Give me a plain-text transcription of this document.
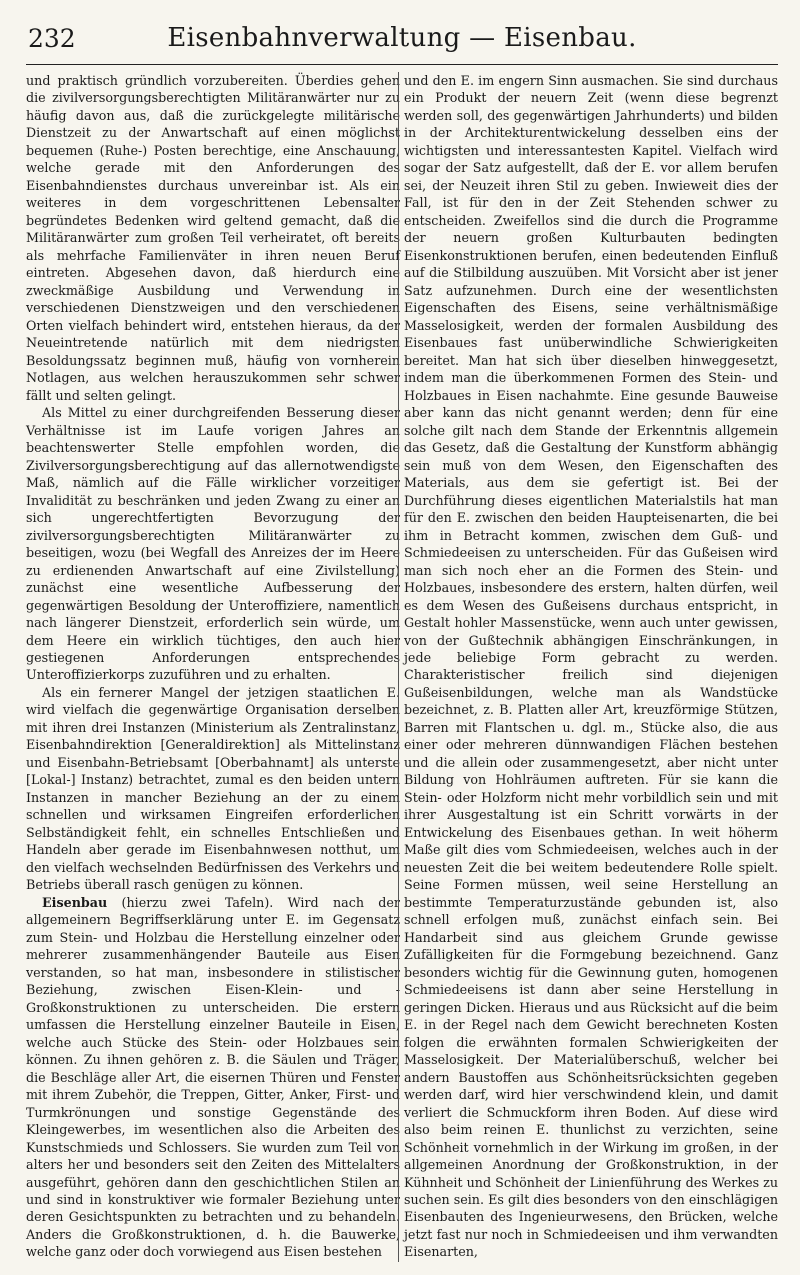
232	Eisenbahnverwaltung — Eisenbau.

und praktisch gründlich vorzubereiten. Überdies gehen die zivilversorgungsberechtigten Militäranwärter nur zu häufig davon aus, daß die zurückgelegte militärische Dienstzeit zu der Anwartschaft auf einen möglichst bequemen (Ruhe-) Posten berechtige, eine Anschauung, welche gerade mit den Anforderungen des Eisenbahndienstes durchaus unvereinbar ist. Als ein weiteres in dem vorgeschrittenen Lebensalter begründetes Bedenken wird geltend gemacht, daß die Militäranwärter zum großen Teil verheiratet, oft bereits als mehrfache Familienväter in ihren neuen Beruf eintreten. Abgesehen davon, daß hierdurch eine zweckmäßige Ausbildung und Verwendung in verschiedenen Dienstzweigen und den verschiedenen Orten vielfach behindert wird, entstehen hieraus, da der Neueintretende natürlich mit dem niedrigsten Besoldungssatz beginnen muß, häufig von vornherein Notlagen, aus welchen herauszukommen sehr schwer fällt und selten gelingt.

Als Mittel zu einer durchgreifenden Besserung dieser Verhältnisse ist im Laufe vorigen Jahres an beachtenswerter Stelle empfohlen worden, die Zivilversorgungsberechtigung auf das allernotwendigste Maß, nämlich auf die Fälle wirklicher vorzeitiger Invalidität zu beschränken und jeden Zwang zu einer an sich ungerechtfertigten Bevorzugung der zivilversorgungsberechtigten Militäranwärter zu beseitigen, wozu (bei Wegfall des Anreizes der im Heere zu erdienenden Anwartschaft auf eine Zivilstellung) zunächst eine wesentliche Aufbesserung der gegenwärtigen Besoldung der Unteroffiziere, namentlich nach längerer Dienstzeit, erforderlich sein würde, um dem Heere ein wirklich tüchtiges, den auch hier gestiegenen Anforderungen entsprechendes Unteroffizierkorps zuzuführen und zu erhalten.

Als ein fernerer Mangel der jetzigen staatlichen E. wird vielfach die gegenwärtige Organisation derselben mit ihren drei Instanzen (Ministerium als Zentralinstanz, Eisenbahndirektion [Generaldirektion] als Mittelinstanz und Eisenbahn-Betriebsamt [Oberbahnamt] als unterste [Lokal-] Instanz) betrachtet, zumal es den beiden untern Instanzen in mancher Beziehung an der zu einem schnellen und wirksamen Eingreifen erforderlichen Selbständigkeit fehlt, ein schnelles Entschließen und Handeln aber gerade im Eisenbahnwesen notthut, um den vielfach wechselnden Bedürfnissen des Verkehrs und Betriebs überall rasch genügen zu können.

Eisenbau (hierzu zwei Tafeln). Wird nach der allgemeinern Begriffserklärung unter E. im Gegensatz zum Stein- und Holzbau die Herstellung einzelner oder mehrerer zusammenhängender Bauteile aus Eisen verstanden, so hat man, insbesondere in stilistischer Beziehung, zwischen Eisen-Klein- und -Großkonstruktionen zu unterscheiden. Die erstern umfassen die Herstellung einzelner Bauteile in Eisen, welche auch Stücke des Stein- oder Holzbaues sein können. Zu ihnen gehören z. B. die Säulen und Träger, die Beschläge aller Art, die eisernen Thüren und Fenster mit ihrem Zubehör, die Treppen, Gitter, Anker, First- und Turmkrönungen und sonstige Gegenstände des Kleingewerbes, im wesentlichen also die Arbeiten des Kunstschmieds und Schlossers. Sie wurden zum Teil von alters her und besonders seit den Zeiten des Mittelalters ausgeführt, gehören dann den geschichtlichen Stilen an und sind in konstruktiver wie formaler Beziehung unter deren Gesichtspunkten zu betrachten und zu behandeln. Anders die Großkonstruktionen, d. h. die Bauwerke, welche ganz oder doch vorwiegend aus Eisen bestehen

und den E. im engern Sinn ausmachen. Sie sind durchaus ein Produkt der neuern Zeit (wenn diese begrenzt werden soll, des gegenwärtigen Jahrhunderts) und bilden in der Architekturentwickelung desselben eins der wichtigsten und interessantesten Kapitel. Vielfach wird sogar der Satz aufgestellt, daß der E. vor allem berufen sei, der Neuzeit ihren Stil zu geben. Inwieweit dies der Fall, ist für den in der Zeit Stehenden schwer zu entscheiden. Zweifellos sind die durch die Programme der neuern großen Kulturbauten bedingten Eisenkonstruktionen berufen, einen bedeutenden Einfluß auf die Stilbildung auszuüben. Mit Vorsicht aber ist jener Satz aufzunehmen. Durch eine der wesentlichsten Eigenschaften des Eisens, seine verhältnismäßige Masselosigkeit, werden der formalen Ausbildung des Eisenbaues fast unüberwindliche Schwierigkeiten bereitet. Man hat sich über dieselben hinweggesetzt, indem man die überkommenen Formen des Stein- und Holzbaues in Eisen nachahmte. Eine gesunde Bauweise aber kann das nicht genannt werden; denn für eine solche gilt nach dem Stande der Erkenntnis allgemein das Gesetz, daß die Gestaltung der Kunstform abhängig sein muß von dem Wesen, den Eigenschaften des Materials, aus dem sie gefertigt ist. Bei der Durchführung dieses eigentlichen Materialstils hat man für den E. zwischen den beiden Haupteisenarten, die bei ihm in Betracht kommen, zwischen dem Guß- und Schmiedeeisen zu unterscheiden. Für das Gußeisen wird man sich noch eher an die Formen des Stein- und Holzbaues, insbesondere des erstern, halten dürfen, weil es dem Wesen des Gußeisens durchaus entspricht, in Gestalt hohler Massenstücke, wenn auch unter gewissen, von der Gußtechnik abhängigen Einschränkungen, in jede beliebige Form gebracht zu werden. Charakteristischer freilich sind diejenigen Gußeisenbildungen, welche man als Wandstücke bezeichnet, z. B. Platten aller Art, kreuzförmige Stützen, Barren mit Flantschen u. dgl. m., Stücke also, die aus einer oder mehreren dünnwandigen Flächen bestehen und die allein oder zusammengesetzt, aber nicht unter Bildung von Hohlräumen auftreten. Für sie kann die Stein- oder Holzform nicht mehr vorbildlich sein und mit ihrer Ausgestaltung ist ein Schritt vorwärts in der Entwickelung des Eisenbaues gethan. In weit höherm Maße gilt dies vom Schmiedeeisen, welches auch in der neuesten Zeit die bei weitem bedeutendere Rolle spielt. Seine Formen müssen, weil seine Herstellung an bestimmte Temperaturzustände gebunden ist, also schnell erfolgen muß, zunächst einfach sein. Bei Handarbeit sind aus gleichem Grunde gewisse Zufälligkeiten für die Formgebung bezeichnend. Ganz besonders wichtig für die Gewinnung guten, homogenen Schmiedeeisens ist dann aber seine Herstellung in geringen Dicken. Hieraus und aus Rücksicht auf die beim E. in der Regel nach dem Gewicht berechneten Kosten folgen die erwähnten formalen Schwierigkeiten der Masselosigkeit. Der Materialüberschuß, welcher bei andern Baustoffen aus Schönheitsrücksichten gegeben werden darf, wird hier verschwindend klein, und damit verliert die Schmuckform ihren Boden. Auf diese wird also beim reinen E. thunlichst zu verzichten, seine Schönheit vornehmlich in der Wirkung im großen, in der allgemeinen Anordnung der Großkonstruktion, in der Kühnheit und Schönheit der Linienführung des Werkes zu suchen sein. Es gilt dies besonders von den einschlägigen Eisenbauten des Ingenieurwesens, den Brücken, welche jetzt fast nur noch in Schmiedeeisen und ihm verwandten Eisenarten,
